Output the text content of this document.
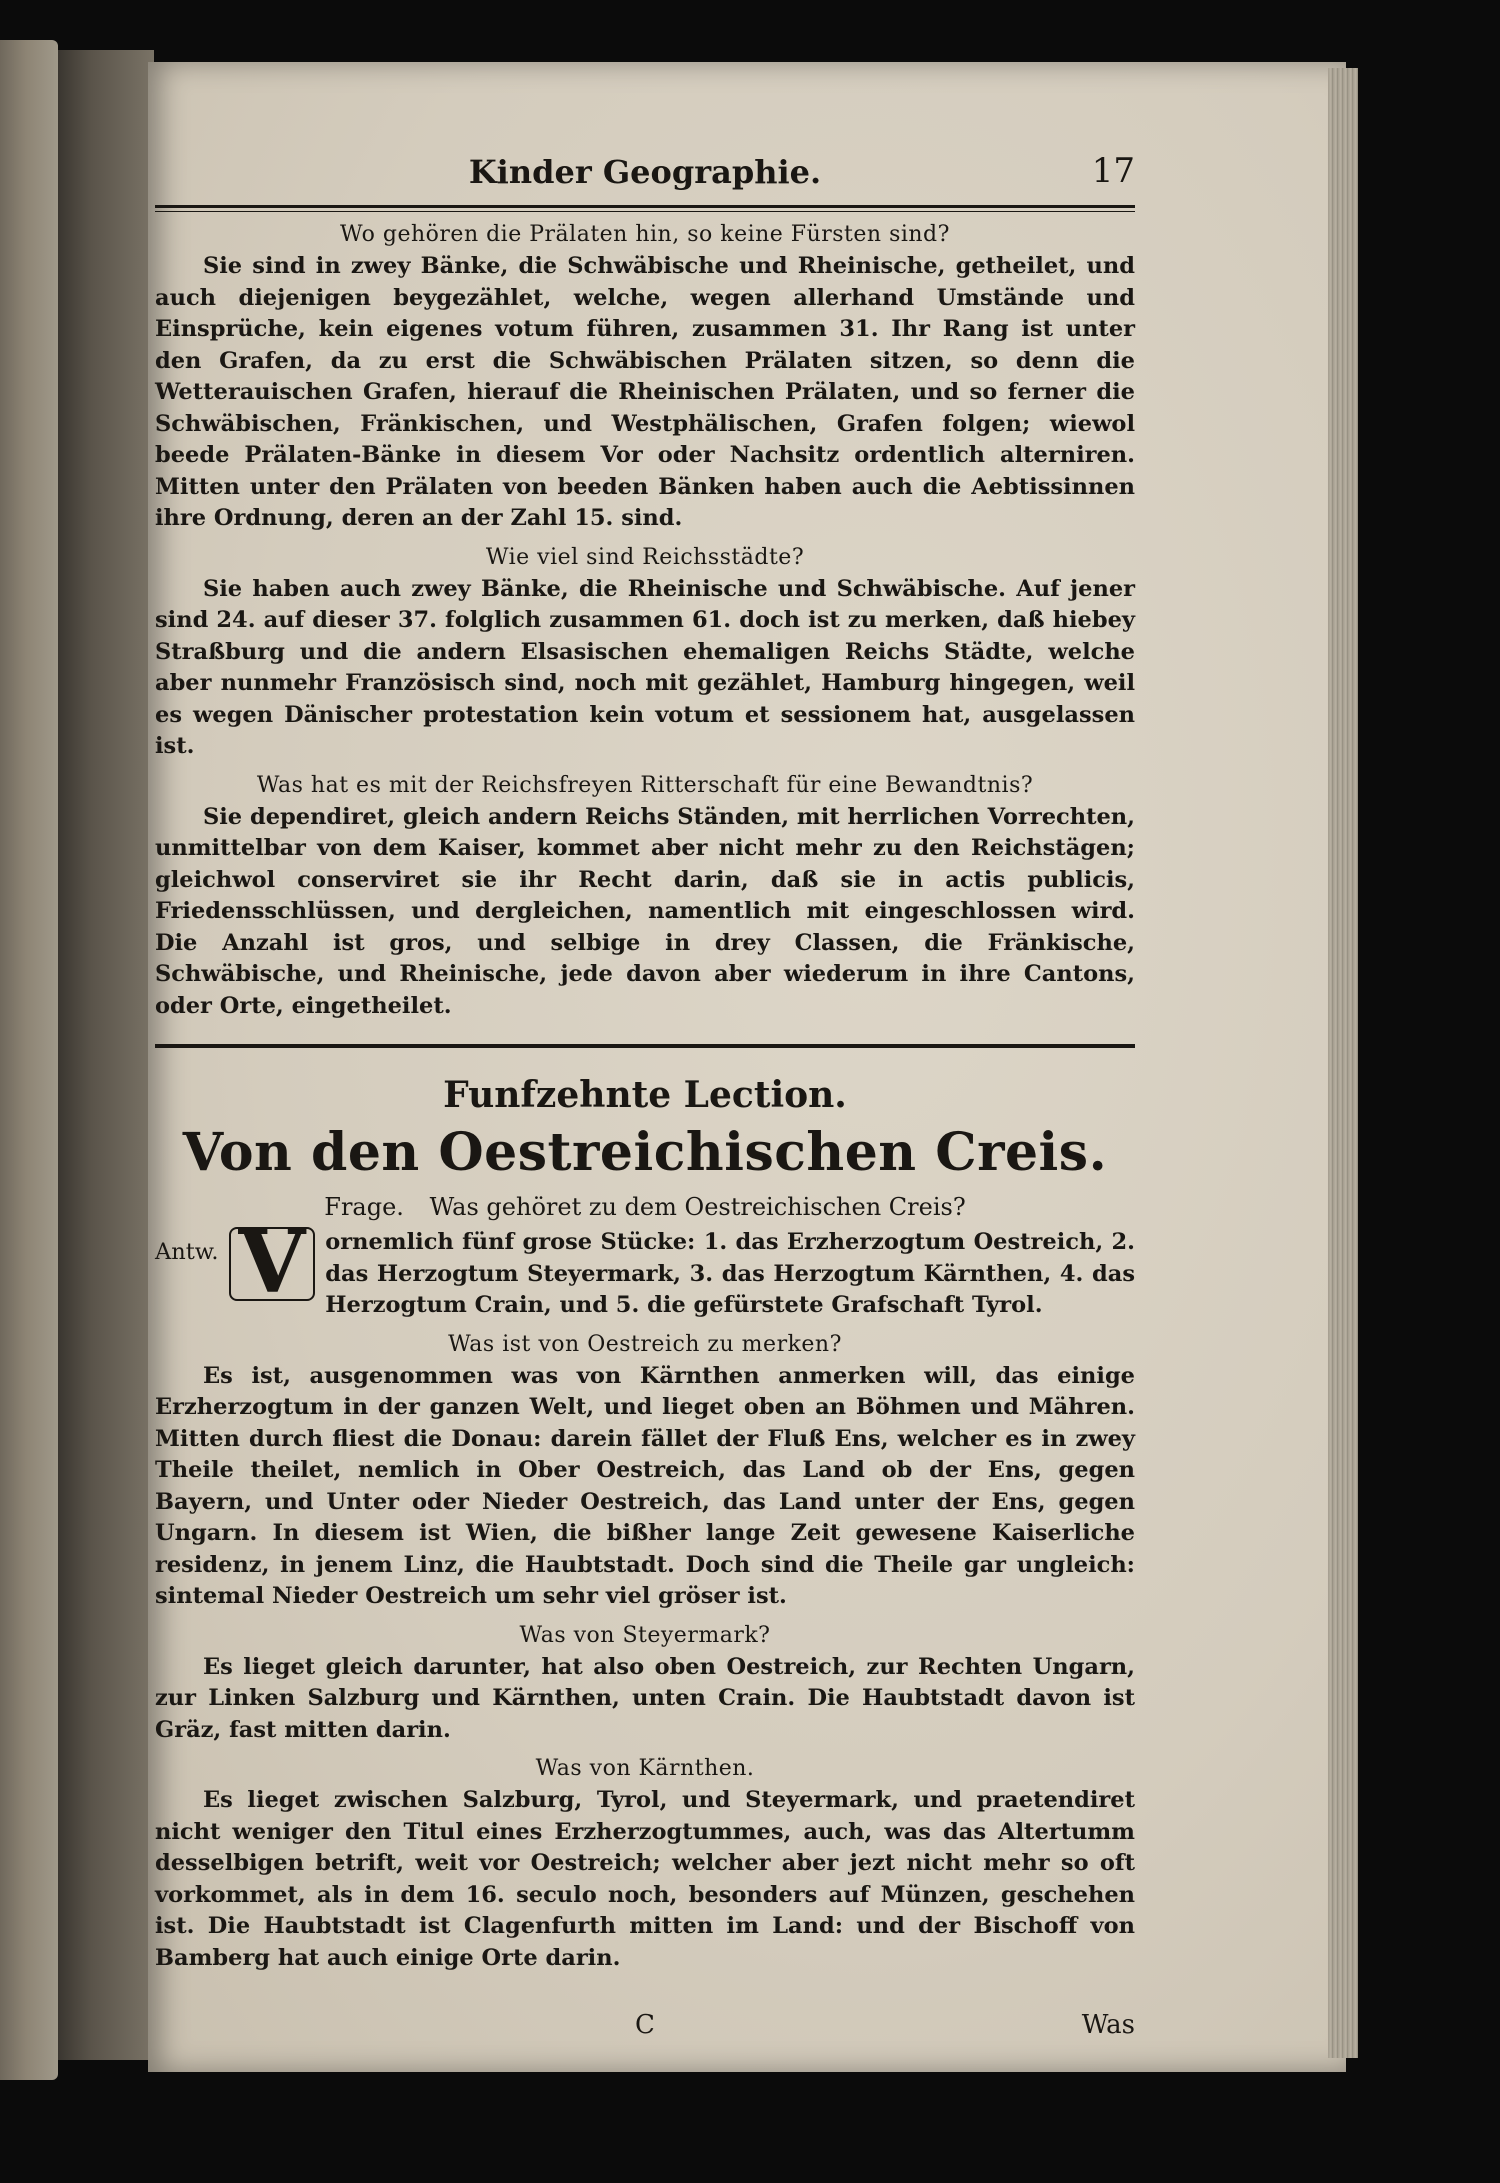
Kinder Geographie.	17
Wo gehören die Prälaten hin, so keine Fürsten sind?

Sie sind in zwey Bänke, die Schwäbische und Rheinische, getheilet, und auch diejenigen beygezählet, welche, wegen allerhand Umstände und Einsprüche, kein eigenes votum führen, zusammen 31. Ihr Rang ist unter den Grafen, da zu erst die Schwäbischen Prälaten sitzen, so denn die Wetterauischen Grafen, hierauf die Rheinischen Prälaten, und so ferner die Schwäbischen, Fränkischen, und Westphälischen, Grafen folgen; wiewol beede Prälaten-Bänke in diesem Vor oder Nachsitz ordentlich alterniren. Mitten unter den Prälaten von beeden Bänken haben auch die Aebtissinnen ihre Ordnung, deren an der Zahl 15. sind.

Wie viel sind Reichsstädte?

Sie haben auch zwey Bänke, die Rheinische und Schwäbische. Auf jener sind 24. auf dieser 37. folglich zusammen 61. doch ist zu merken, daß hiebey Straßburg und die andern Elsasischen ehemaligen Reichs Städte, welche aber nunmehr Französisch sind, noch mit gezählet, Hamburg hingegen, weil es wegen Dänischer protestation kein votum et sessionem hat, ausgelassen ist.

Was hat es mit der Reichsfreyen Ritterschaft für eine Bewandtnis?

Sie dependiret, gleich andern Reichs Ständen, mit herrlichen Vorrechten, unmittelbar von dem Kaiser, kommet aber nicht mehr zu den Reichstägen; gleichwol conserviret sie ihr Recht darin, daß sie in actis publicis, Friedensschlüssen, und dergleichen, namentlich mit eingeschlossen wird. Die Anzahl ist gros, und selbige in drey Classen, die Fränkische, Schwäbische, und Rheinische, jede davon aber wiederum in ihre Cantons, oder Orte, eingetheilet.

Funfzehnte Lection.
Von den Oestreichischen Creis.
Frage. Was gehöret zu dem Oestreichischen Creis?
Antw. V ornemlich fünf grose Stücke: 1. das Erzherzogtum Oestreich, 2. das Herzogtum Steyermark, 3. das Herzogtum Kärnthen, 4. das Herzogtum Crain, und 5. die gefürstete Grafschaft Tyrol.
Was ist von Oestreich zu merken?

Es ist, ausgenommen was von Kärnthen anmerken will, das einige Erzherzogtum in der ganzen Welt, und lieget oben an Böhmen und Mähren. Mitten durch fliest die Donau: darein fället der Fluß Ens, welcher es in zwey Theile theilet, nemlich in Ober Oestreich, das Land ob der Ens, gegen Bayern, und Unter oder Nieder Oestreich, das Land unter der Ens, gegen Ungarn. In diesem ist Wien, die bißher lange Zeit gewesene Kaiserliche residenz, in jenem Linz, die Haubtstadt. Doch sind die Theile gar ungleich: sintemal Nieder Oestreich um sehr viel gröser ist.

Was von Steyermark?

Es lieget gleich darunter, hat also oben Oestreich, zur Rechten Ungarn, zur Linken Salzburg und Kärnthen, unten Crain. Die Haubtstadt davon ist Gräz, fast mitten darin.

Was von Kärnthen.

Es lieget zwischen Salzburg, Tyrol, und Steyermark, und praetendiret nicht weniger den Titul eines Erzherzogtummes, auch, was das Altertumm desselbigen betrift, weit vor Oestreich; welcher aber jezt nicht mehr so oft vorkommet, als in dem 16. seculo noch, besonders auf Münzen, geschehen ist. Die Haubtstadt ist Clagenfurth mitten im Land: und der Bischoff von Bamberg hat auch einige Orte darin.

C	Was
